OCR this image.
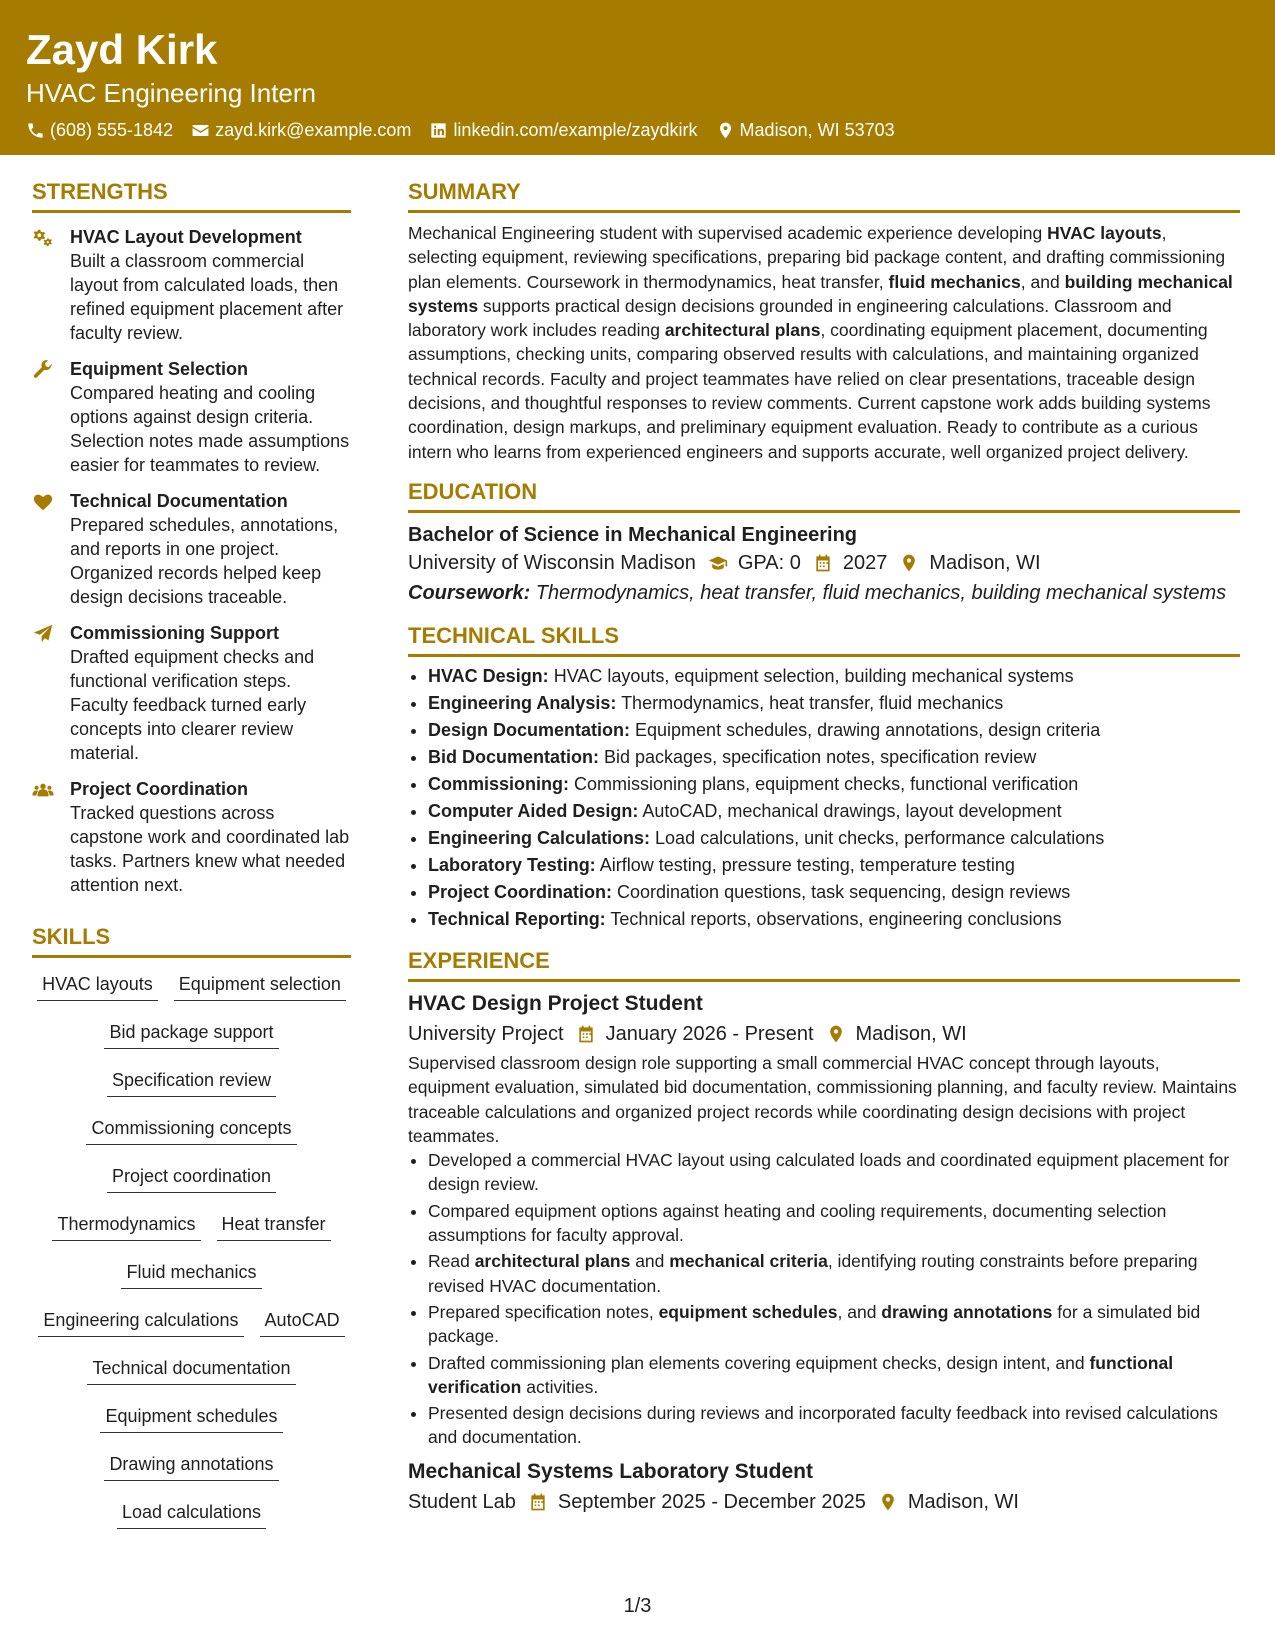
Zayd Kirk
HVAC Engineering Intern
(608) 555-1842 zayd.kirk@example.com linkedin.com/example/zaydkirk Madison, WI 53703
STRENGTHS
HVAC Layout Development
Built a classroom commercial layout from calculated loads, then refined equipment placement after faculty review.
Equipment Selection
Compared heating and cooling options against design criteria. Selection notes made assumptions easier for teammates to review.
Technical Documentation
Prepared schedules, annotations, and reports in one project. Organized records helped keep design decisions traceable.
Commissioning Support
Drafted equipment checks and functional verification steps. Faculty feedback turned early concepts into clearer review material.
Project Coordination
Tracked questions across capstone work and coordinated lab tasks. Partners knew what needed attention next.
SKILLS
HVAC layouts Equipment selection
Bid package support
Specification review
Commissioning concepts
Project coordination
Thermodynamics Heat transfer
Fluid mechanics
Engineering calculations AutoCAD
Technical documentation
Equipment schedules
Drawing annotations
Load calculations
SUMMARY
Mechanical Engineering student with supervised academic experience developing HVAC layouts, selecting equipment, reviewing specifications, preparing bid package content, and drafting commissioning plan elements. Coursework in thermodynamics, heat transfer, fluid mechanics, and building mechanical systems supports practical design decisions grounded in engineering calculations. Classroom and laboratory work includes reading architectural plans, coordinating equipment placement, documenting assumptions, checking units, comparing observed results with calculations, and maintaining organized technical records. Faculty and project teammates have relied on clear presentations, traceable design decisions, and thoughtful responses to review comments. Current capstone work adds building systems coordination, design markups, and preliminary equipment evaluation. Ready to contribute as a curious intern who learns from experienced engineers and supports accurate, well organized project delivery.
EDUCATION
Bachelor of Science in Mechanical Engineering
University of Wisconsin Madison GPA: 0 2027 Madison, WI
Coursework: Thermodynamics, heat transfer, fluid mechanics, building mechanical systems
TECHNICAL SKILLS
• HVAC Design: HVAC layouts, equipment selection, building mechanical systems
• Engineering Analysis: Thermodynamics, heat transfer, fluid mechanics
• Design Documentation: Equipment schedules, drawing annotations, design criteria
• Bid Documentation: Bid packages, specification notes, specification review
• Commissioning: Commissioning plans, equipment checks, functional verification
• Computer Aided Design: AutoCAD, mechanical drawings, layout development
• Engineering Calculations: Load calculations, unit checks, performance calculations
• Laboratory Testing: Airflow testing, pressure testing, temperature testing
• Project Coordination: Coordination questions, task sequencing, design reviews
• Technical Reporting: Technical reports, observations, engineering conclusions
EXPERIENCE
HVAC Design Project Student
University Project January 2026 - Present Madison, WI
Supervised classroom design role supporting a small commercial HVAC concept through layouts, equipment evaluation, simulated bid documentation, commissioning planning, and faculty review. Maintains traceable calculations and organized project records while coordinating design decisions with project teammates.
• Developed a commercial HVAC layout using calculated loads and coordinated equipment placement for design review.
• Compared equipment options against heating and cooling requirements, documenting selection assumptions for faculty approval.
• Read architectural plans and mechanical criteria, identifying routing constraints before preparing revised HVAC documentation.
• Prepared specification notes, equipment schedules, and drawing annotations for a simulated bid package.
• Drafted commissioning plan elements covering equipment checks, design intent, and functional verification activities.
• Presented design decisions during reviews and incorporated faculty feedback into revised calculations and documentation.
Mechanical Systems Laboratory Student
Student Lab September 2025 - December 2025 Madison, WI
1/3
